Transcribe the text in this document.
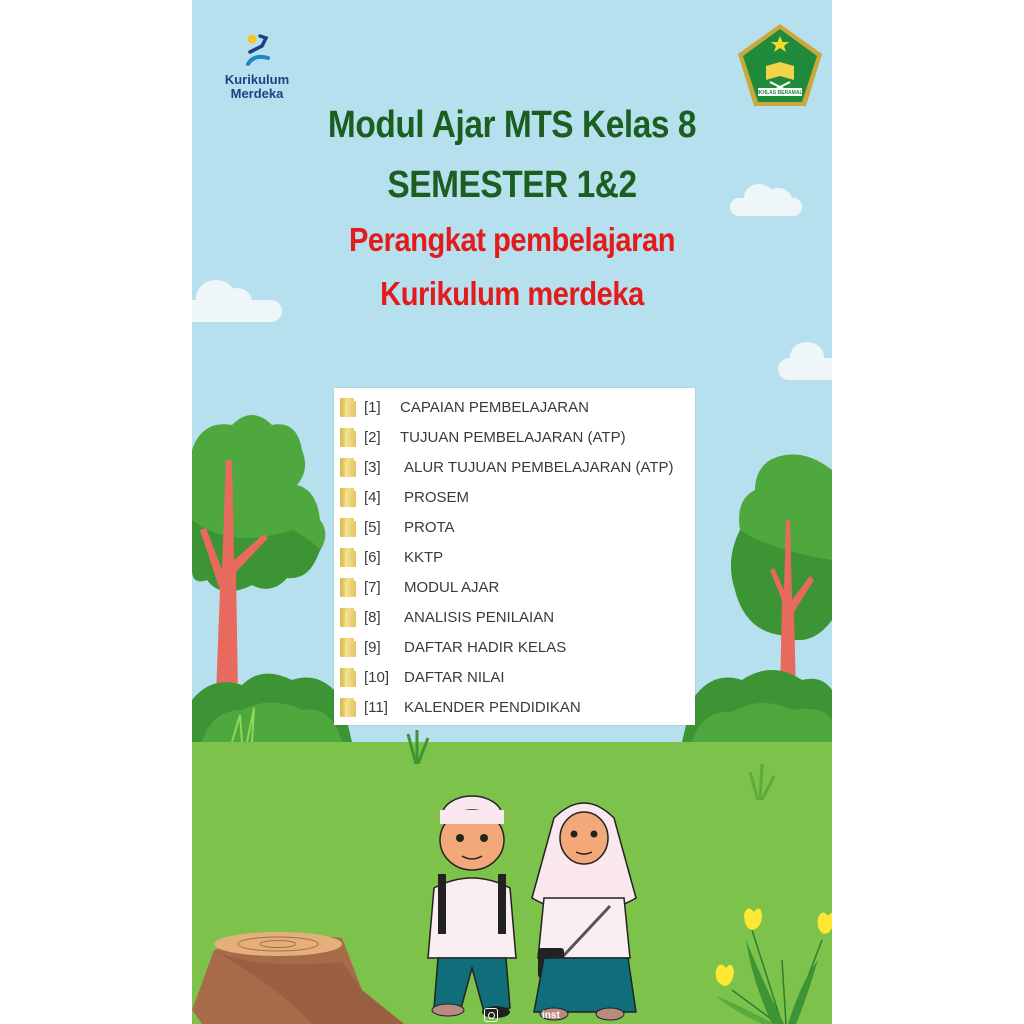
Kurikulum
Merdeka	IKHLAS BERAMAL
Modul Ajar MTS Kelas 8
SEMESTER 1&2
Perangkat pembelajaran
Kurikulum merdeka
[1]	CAPAIAN PEMBELAJARAN
[2]	TUJUAN PEMBELAJARAN (ATP)
[3]	ALUR TUJUAN PEMBELAJARAN (ATP)
[4]	PROSEM
[5]	PROTA
[6]	KKTP
[7]	MODUL AJAR
[8]	ANALISIS PENILAIAN
[9]	DAFTAR HADIR KELAS
[10] DAFTAR NILAI
[11]	KALENDER PENDIDIKAN
inst
